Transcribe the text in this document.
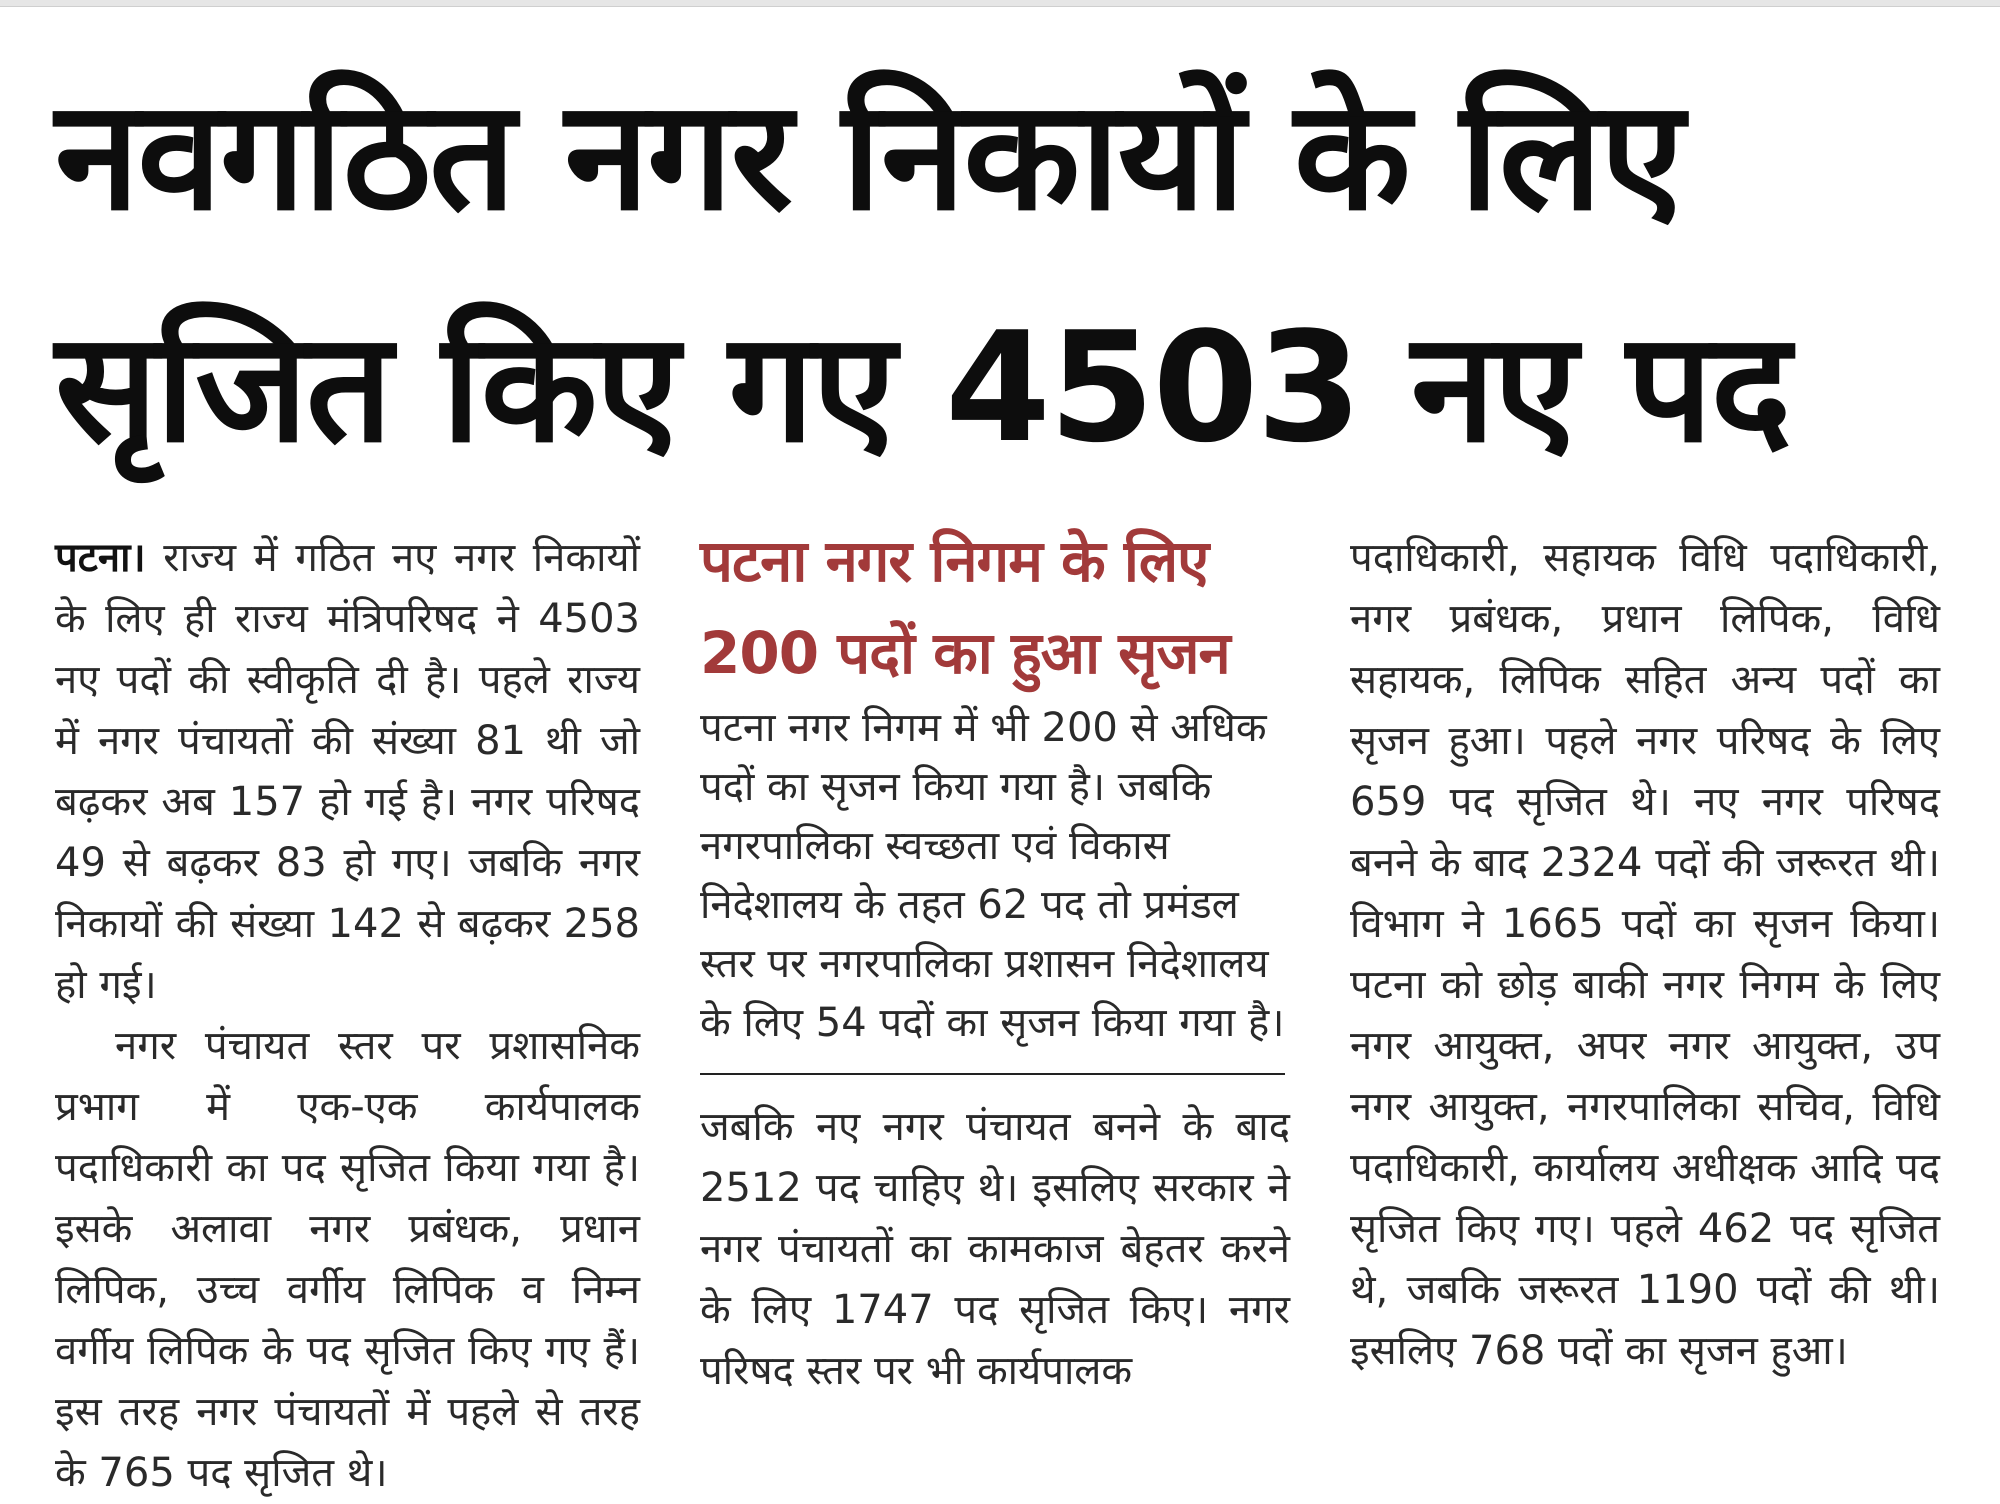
नवगठित नगर निकायों के लिए
सृजित किए गए 4503 नए पद

पटना। राज्य में गठित नए नगर निकायों के लिए ही राज्य मंत्रिपरिषद ने 4503 नए पदों की स्वीकृति दी है। पहले राज्य में नगर पंचायतों की संख्या 81 थी जो बढ़कर अब 157 हो गई है। नगर परिषद 49 से बढ़कर 83 हो गए। जबकि नगर निकायों की संख्या 142 से बढ़कर 258 हो गई।

नगर पंचायत स्तर पर प्रशासनिक प्रभाग में एक-एक कार्यपालक पदाधिकारी का पद सृजित किया गया है। इसके अलावा नगर प्रबंधक, प्रधान लिपिक, उच्च वर्गीय लिपिक व निम्न वर्गीय लिपिक के पद सृजित किए गए हैं। इस तरह नगर पंचायतों में पहले से तरह के 765 पद सृजित थे।

पटना नगर निगम के लिए
200 पदों का हुआ सृजन

पटना नगर निगम में भी 200 से अधिक पदों का सृजन किया गया है। जबकि नगरपालिका स्वच्छता एवं विकास निदेशालय के तहत 62 पद तो प्रमंडल स्तर पर नगरपालिका प्रशासन निदेशालय के लिए 54 पदों का सृजन किया गया है।

जबकि नए नगर पंचायत बनने के बाद 2512 पद चाहिए थे। इसलिए सरकार ने नगर पंचायतों का कामकाज बेहतर करने के लिए 1747 पद सृजित किए। नगर परिषद स्तर पर भी कार्यपालक

पदाधिकारी, सहायक विधि पदाधिकारी, नगर प्रबंधक, प्रधान लिपिक, विधि सहायक, लिपिक सहित अन्य पदों का सृजन हुआ। पहले नगर परिषद के लिए 659 पद सृजित थे। नए नगर परिषद बनने के बाद 2324 पदों की जरूरत थी। विभाग ने 1665 पदों का सृजन किया। पटना को छोड़ बाकी नगर निगम के लिए नगर आयुक्त, अपर नगर आयुक्त, उप नगर आयुक्त, नगरपालिका सचिव, विधि पदाधिकारी, कार्यालय अधीक्षक आदि पद सृजित किए गए। पहले 462 पद सृजित थे, जबकि जरूरत 1190 पदों की थी। इसलिए 768 पदों का सृजन हुआ।
